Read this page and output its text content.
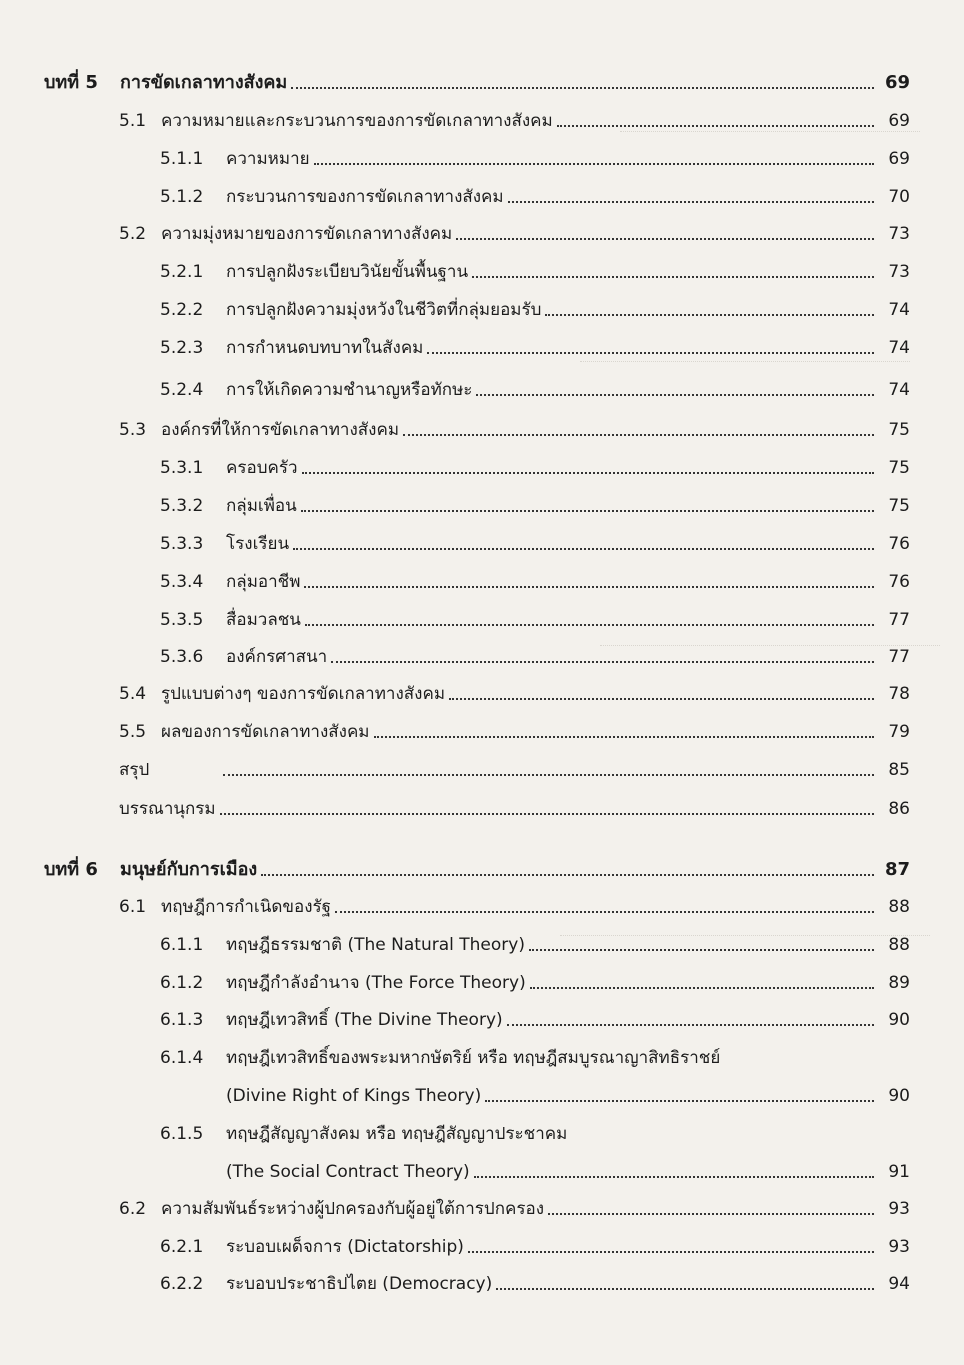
บทที่ 5	การขัดเกลาทางสังคม	69
5.1 ความหมายและกระบวนการของการขัดเกลาทางสังคม	69
5.1.1	ความหมาย	69
5.1.2	กระบวนการของการขัดเกลาทางสังคม	70
5.2 ความมุ่งหมายของการขัดเกลาทางสังคม	73
5.2.1	การปลูกฝังระเบียบวินัยขั้นพื้นฐาน	73
5.2.2	การปลูกฝังความมุ่งหวังในชีวิตที่กลุ่มยอมรับ	74
5.2.3	การกำหนดบทบาทในสังคม	74
5.2.4	การให้เกิดความชำนาญหรือทักษะ	74
5.3 องค์กรที่ให้การขัดเกลาทางสังคม	75
5.3.1	ครอบครัว	75
5.3.2	กลุ่มเพื่อน	75
5.3.3	โรงเรียน	76
5.3.4	กลุ่มอาชีพ	76
5.3.5	สื่อมวลชน	77
5.3.6	องค์กรศาสนา	77
5.4 รูปแบบต่างๆ ของการขัดเกลาทางสังคม	78
5.5 ผลของการขัดเกลาทางสังคม	79
สรุป	85
บรรณานุกรม	86
บทที่ 6	มนุษย์กับการเมือง	87
6.1 ทฤษฎีการกำเนิดของรัฐ	88
6.1.1	ทฤษฎีธรรมชาติ (The Natural Theory)	88
6.1.2	ทฤษฎีกำลังอำนาจ (The Force Theory)	89
6.1.3	ทฤษฎีเทวสิทธิ์ (The Divine Theory)	90
6.1.4	ทฤษฎีเทวสิทธิ์ของพระมหากษัตริย์ หรือ ทฤษฎีสมบูรณาญาสิทธิราชย์
(Divine Right of Kings Theory)	90
6.1.5	ทฤษฎีสัญญาสังคม หรือ ทฤษฎีสัญญาประชาคม
(The Social Contract Theory)	91
6.2 ความสัมพันธ์ระหว่างผู้ปกครองกับผู้อยู่ใต้การปกครอง	93
6.2.1	ระบอบเผด็จการ (Dictatorship)	93
6.2.2	ระบอบประชาธิปไตย (Democracy)	94
